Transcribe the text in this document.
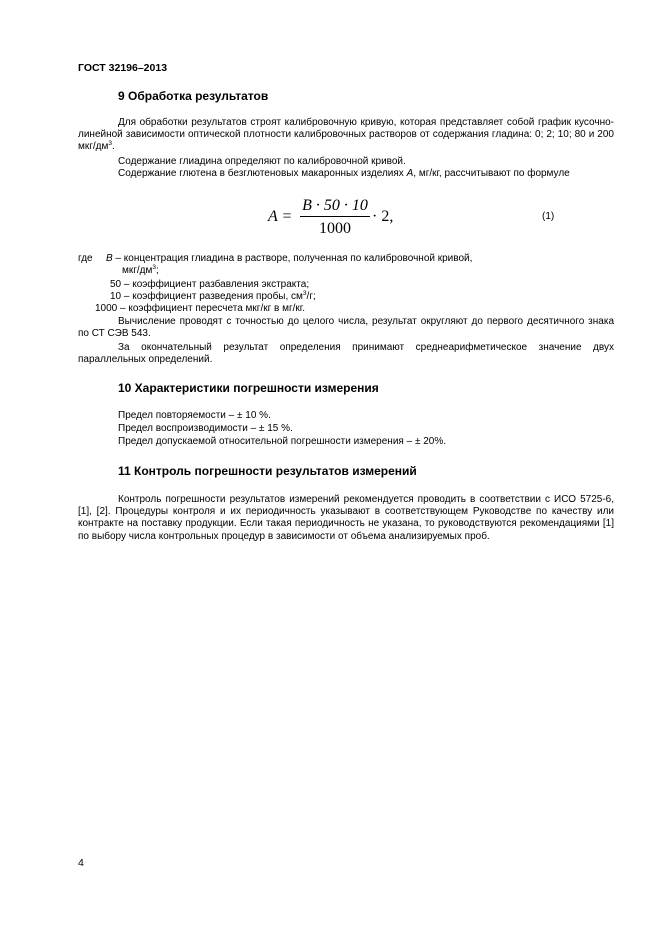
ГОСТ 32196–2013
9 Обработка результатов

Для обработки результатов строят калибровочную кривую, которая представляет собой график кусочно-линейной зависимости оптической плотности калибровочных растворов от содержания гладина: 0; 2; 10; 80 и 200 мкг/$дм^3$.

Содержание глиадина определяют по калибровочной кривой.

Содержание глютена в безглютеновых макаронных изделиях А, мг/кг, рассчитывают по формуле

A =
B · 50 · 10
1000
· 2,	(1)
где В – концентрация глиадина в растворе, полученная по калибровочной кривой,
мкг/$дм^3$;
50 – коэффициент разбавления экстракта;
10 – коэффициент разведения пробы, $см^3/г$;
1000 – коэффициент пересчета мкг/кг в мг/кг.

Вычисление проводят с точностью до целого числа, результат округляют до первого десятичного знака по СТ СЭВ 543.

За окончательный результат определения принимают среднеарифметическое значение двух параллельных определений.

10 Характеристики погрешности измерения
Предел повторяемости – ± 10 %.
Предел воспроизводимости – ± 15 %.
Предел допускаемой относительной погрешности измерения – ± 20%.
11 Контроль погрешности результатов измерений

Контроль погрешности результатов измерений рекомендуется проводить в соответствии с ИСО 5725-6, [1], [2]. Процедуры контроля и их периодичность указывают в соответствующем Руководстве по качеству или контракте на поставку продукции. Если такая периодичность не указана, то руководствуются рекомендациями [1] по выбору числа контрольных процедур в зависимости от объема анализируемых проб.

4
